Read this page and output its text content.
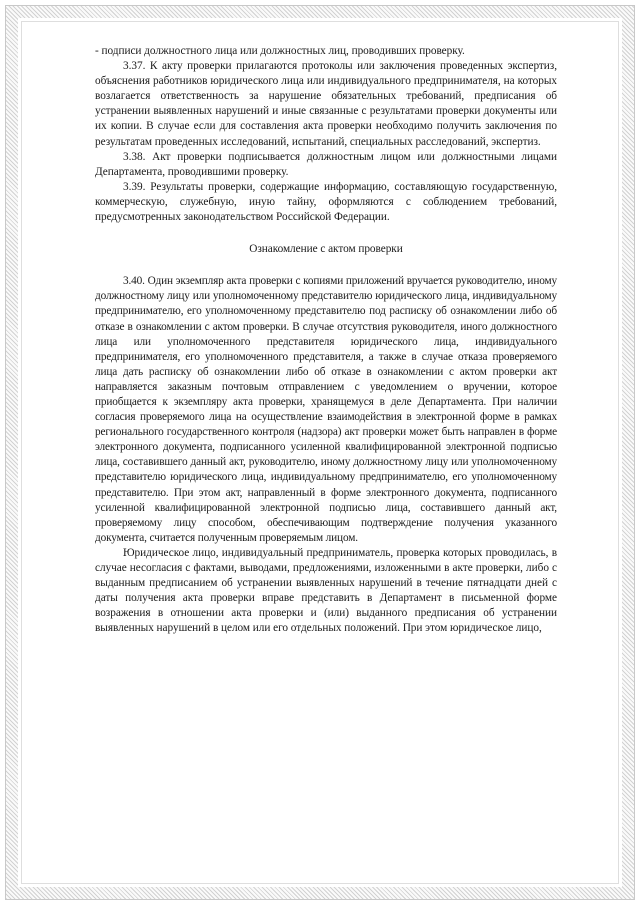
- подписи должностного лица или должностных лиц, проводивших проверку.

3.37. К акту проверки прилагаются протоколы или заключения проведенных экспертиз, объяснения работников юридического лица или индивидуального предпринимателя, на которых возлагается ответственность за нарушение обязательных требований, предписания об устранении выявленных нарушений и иные связанные с результатами проверки документы или их копии. В случае если для составления акта проверки необходимо получить заключения по результатам проведенных исследований, испытаний, специальных расследований, экспертиз.

3.38. Акт проверки подписывается должностным лицом или должностными лицами Департамента, проводившими проверку.

3.39. Результаты проверки, содержащие информацию, составляющую государственную, коммерческую, служебную, иную тайну, оформляются с соблюдением требований, предусмотренных законодательством Российской Федерации.

Ознакомление с актом проверки

3.40. Один экземпляр акта проверки с копиями приложений вручается руководителю, иному должностному лицу или уполномоченному представителю юридического лица, индивидуальному предпринимателю, его уполномоченному представителю под расписку об ознакомлении либо об отказе в ознакомлении с актом проверки. В случае отсутствия руководителя, иного должностного лица или уполномоченного представителя юридического лица, индивидуального предпринимателя, его уполномоченного представителя, а также в случае отказа проверяемого лица дать расписку об ознакомлении либо об отказе в ознакомлении с актом проверки акт направляется заказным почтовым отправлением с уведомлением о вручении, которое приобщается к экземпляру акта проверки, хранящемуся в деле Департамента. При наличии согласия проверяемого лица на осуществление взаимодействия в электронной форме в рамках регионального государственного контроля (надзора) акт проверки может быть направлен в форме электронного документа, подписанного усиленной квалифицированной электронной подписью лица, составившего данный акт, руководителю, иному должностному лицу или уполномоченному представителю юридического лица, индивидуальному предпринимателю, его уполномоченному представителю. При этом акт, направленный в форме электронного документа, подписанного усиленной квалифицированной электронной подписью лица, составившего данный акт, проверяемому лицу способом, обеспечивающим подтверждение получения указанного документа, считается полученным проверяемым лицом.

Юридическое лицо, индивидуальный предприниматель, проверка которых проводилась, в случае несогласия с фактами, выводами, предложениями, изложенными в акте проверки, либо с выданным предписанием об устранении выявленных нарушений в течение пятнадцати дней с даты получения акта проверки вправе представить в Департамент в письменной форме возражения в отношении акта проверки и (или) выданного предписания об устранении выявленных нарушений в целом или его отдельных положений. При этом юридическое лицо,
